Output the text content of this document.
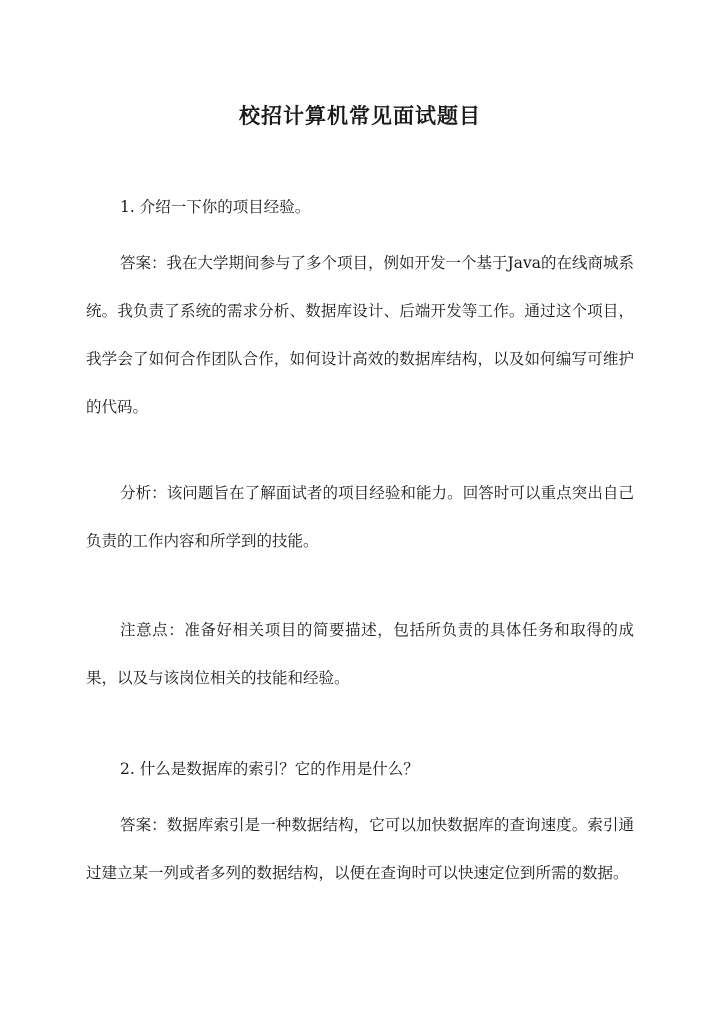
校招计算机常见面试题目

1. 介绍一下你的项目经验。

答案：我在大学期间参与了多个项目，例如开发一个基于Java的在线商城系统。我负责了系统的需求分析、数据库设计、后端开发等工作。通过这个项目，我学会了如何合作团队合作，如何设计高效的数据库结构，以及如何编写可维护的代码。

分析：该问题旨在了解面试者的项目经验和能力。回答时可以重点突出自己负责的工作内容和所学到的技能。

注意点：准备好相关项目的简要描述，包括所负责的具体任务和取得的成果，以及与该岗位相关的技能和经验。

2. 什么是数据库的索引？它的作用是什么？

答案：数据库索引是一种数据结构，它可以加快数据库的查询速度。索引通过建立某一列或者多列的数据结构，以便在查询时可以快速定位到所需的数据。
